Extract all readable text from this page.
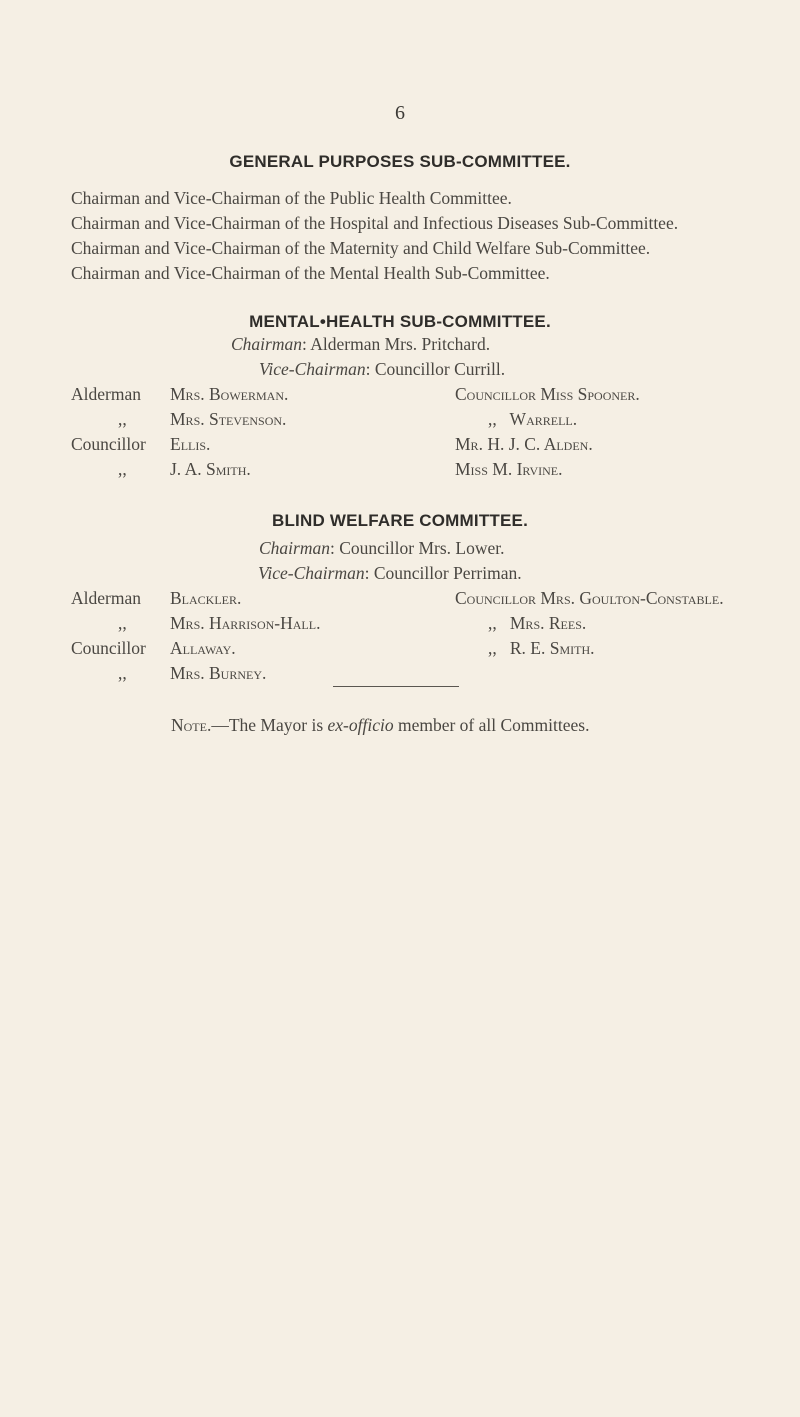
6
GENERAL PURPOSES SUB-COMMITTEE.
Chairman and Vice-Chairman of the Public Health Committee.
Chairman and Vice-Chairman of the Hospital and Infectious Diseases Sub-Committee.
Chairman and Vice-Chairman of the Maternity and Child Welfare Sub-Committee.
Chairman and Vice-Chairman of the Mental Health Sub-Committee.
MENTAL•HEALTH SUB-COMMITTEE.
Chairman: Alderman Mrs. Pritchard.
Vice-Chairman: Councillor Currill.
Alderman Mrs. Bowerman.
,, Mrs. Stevenson.
Councillor Ellis.
,, J. A. Smith.
Councillor Miss Spooner.
,,   Warrell.
Mr. H. J. C. Alden.
Miss M. Irvine.
BLIND WELFARE COMMITTEE.
Chairman: Councillor Mrs. Lower.
Vice-Chairman: Councillor Perriman.
Alderman Blackler.
,, Mrs. Harrison-Hall.
Councillor Allaway.
,, Mrs. Burney.
Councillor Mrs. Goulton-Constable.
,,   Mrs. Rees.
,,   R. E. Smith.
Note.—The Mayor is ex-officio member of all Committees.
